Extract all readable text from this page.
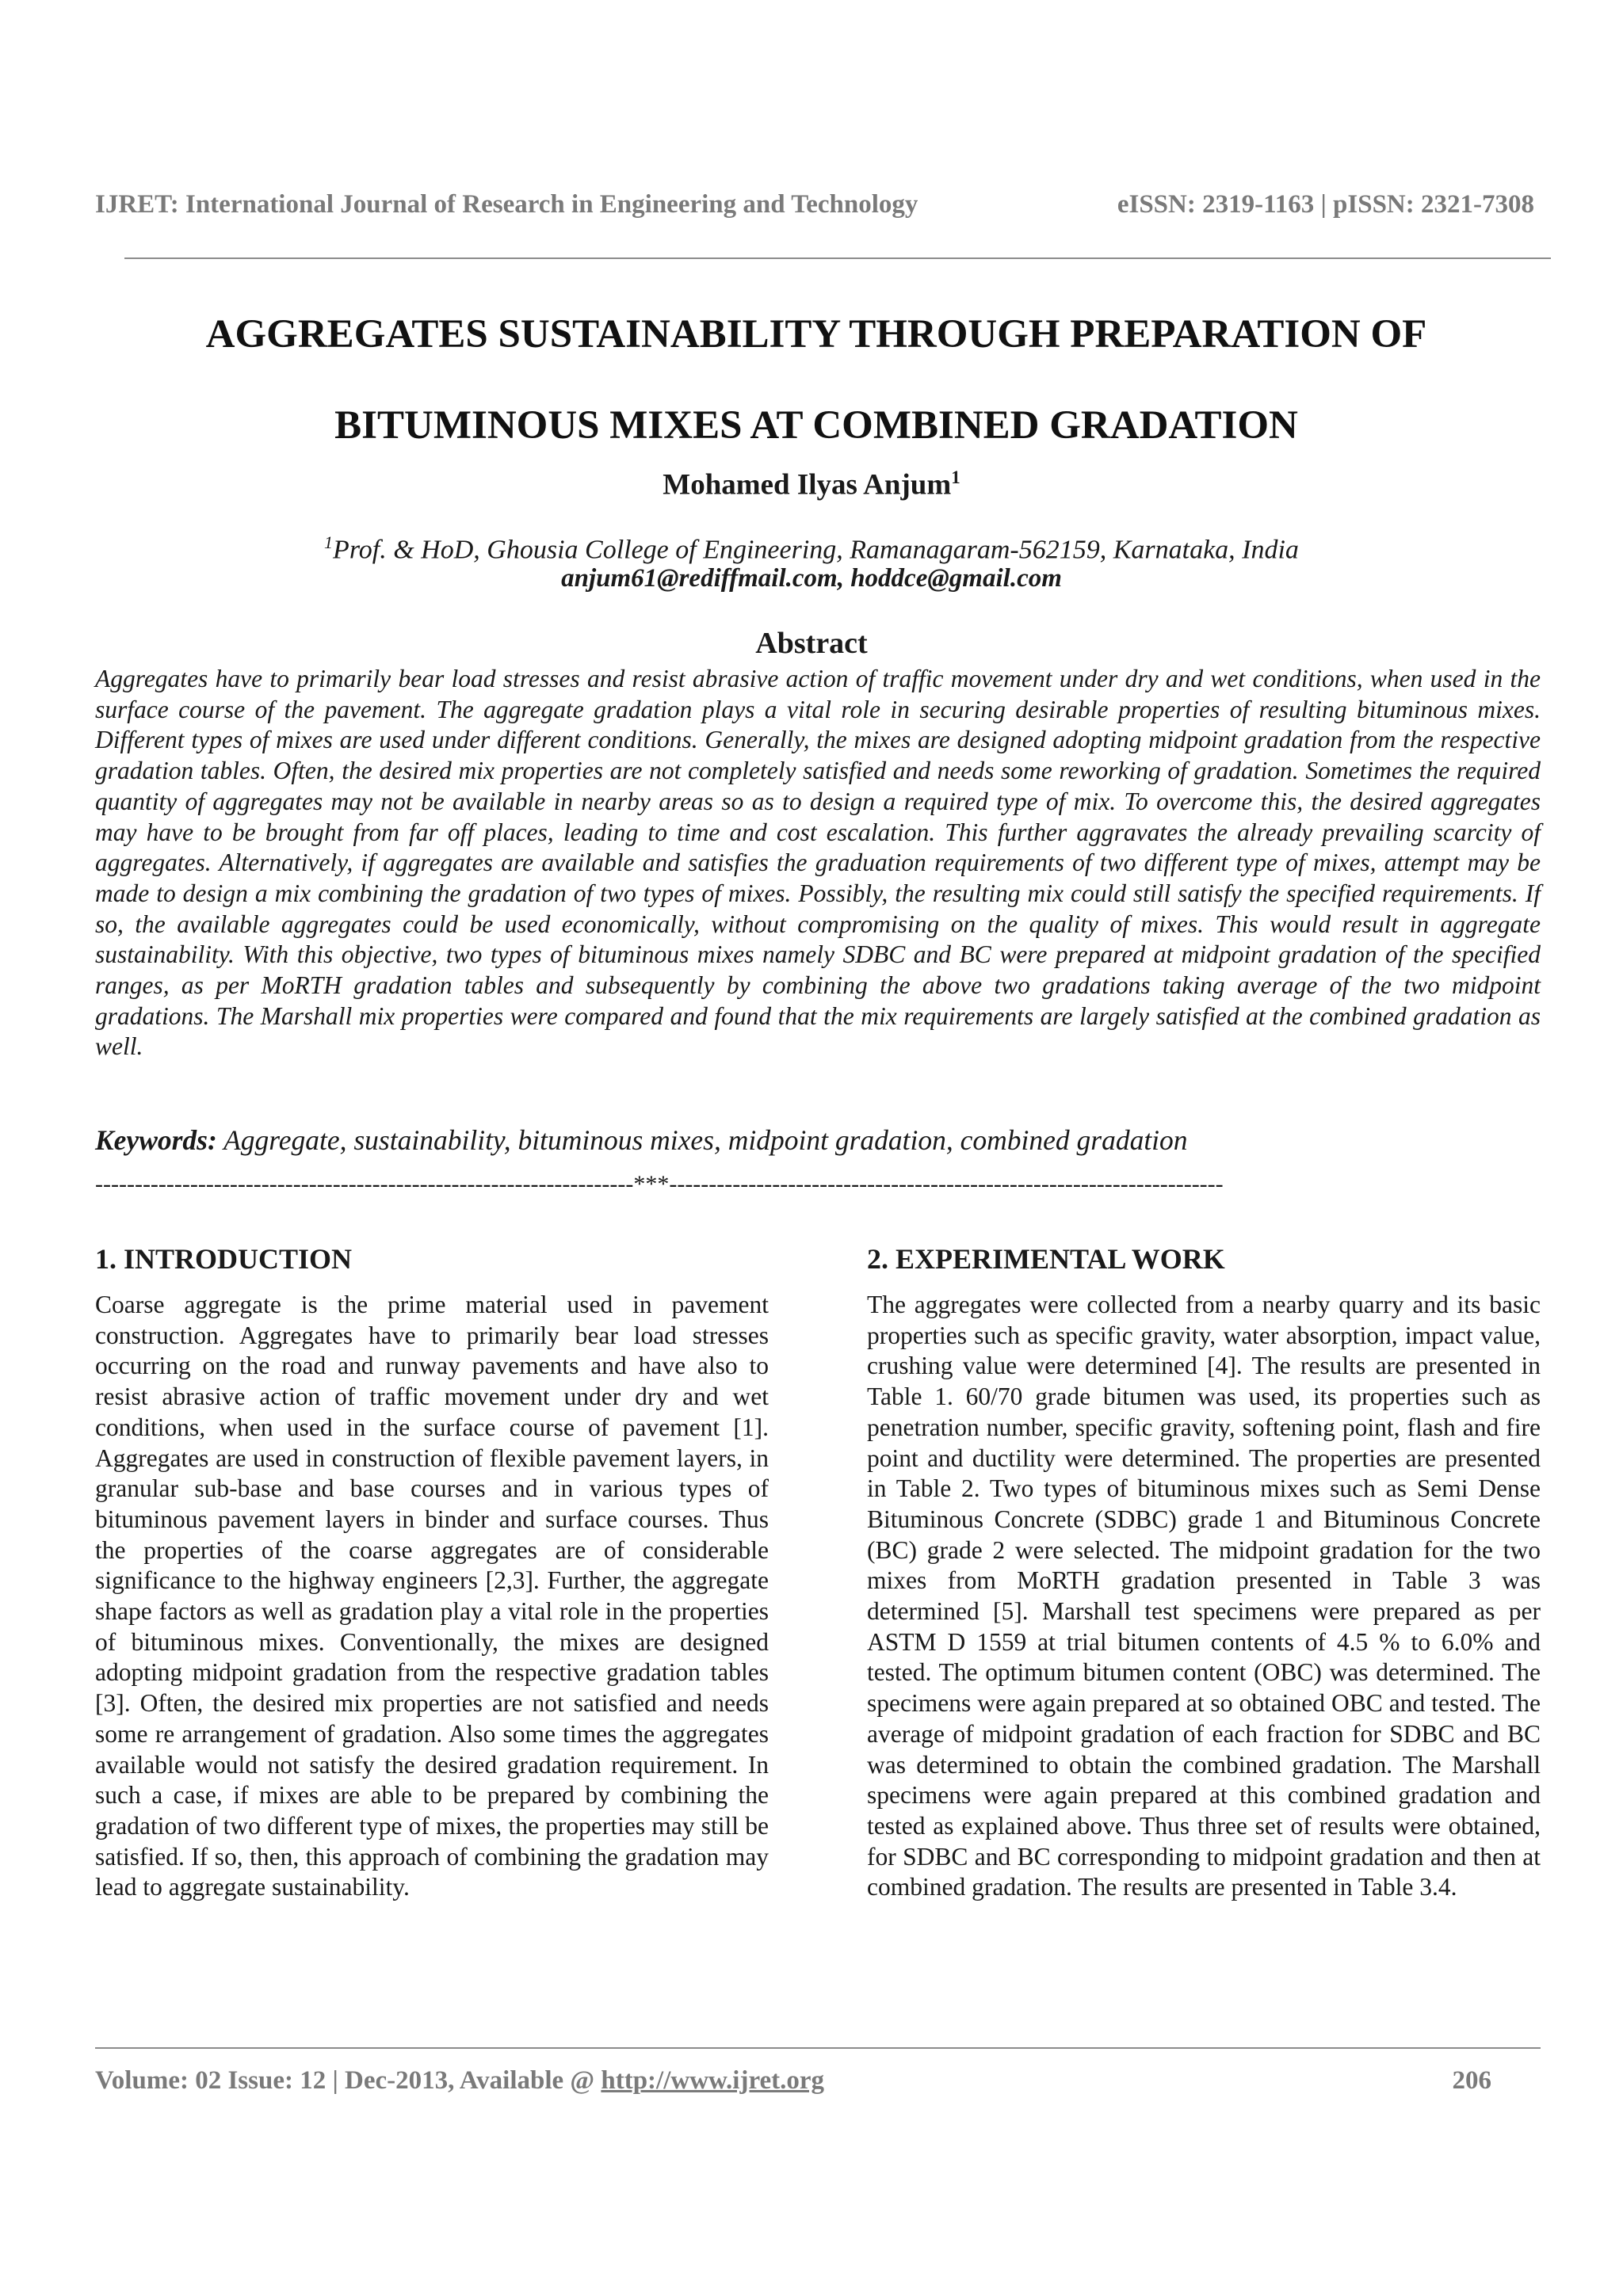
IJRET: International Journal of Research in Engineering and Technology	eISSN: 2319-1163 | pISSN: 2321-7308
AGGREGATES SUSTAINABILITY THROUGH PREPARATION OF BITUMINOUS MIXES AT COMBINED GRADATION
Mohamed Ilyas Anjum$^1$
$^1$Prof. & HoD, Ghousia College of Engineering, Ramanagaram-562159, Karnataka, India
anjum61@rediffmail.com, hoddce@gmail.com
Abstract

Aggregates have to primarily bear load stresses and resist abrasive action of traffic movement under dry and wet conditions, when used in the surface course of the pavement. The aggregate gradation plays a vital role in securing desirable properties of resulting bituminous mixes. Different types of mixes are used under different conditions. Generally, the mixes are designed adopting midpoint gradation from the respective gradation tables. Often, the desired mix properties are not completely satisfied and needs some reworking of gradation. Sometimes the required quantity of aggregates may not be available in nearby areas so as to design a required type of mix. To overcome this, the desired aggregates may have to be brought from far off places, leading to time and cost escalation. This further aggravates the already prevailing scarcity of aggregates. Alternatively, if aggregates are available and satisfies the graduation requirements of two different type of mixes, attempt may be made to design a mix combining the gradation of two types of mixes. Possibly, the resulting mix could still satisfy the specified requirements. If so, the available aggregates could be used economically, without compromising on the quality of mixes. This would result in aggregate sustainability. With this objective, two types of bituminous mixes namely SDBC and BC were prepared at midpoint gradation of the specified ranges, as per MoRTH gradation tables and subsequently by combining the above two gradations taking average of the two midpoint gradations. The Marshall mix properties were compared and found that the mix requirements are largely satisfied at the combined gradation as well.

Keywords: Aggregate, sustainability, bituminous mixes, midpoint gradation, combined gradation
--------------------------------------------------------------------***----------------------------------------------------------------------
1. INTRODUCTION

Coarse aggregate is the prime material used in pavement construction. Aggregates have to primarily bear load stresses occurring on the road and runway pavements and have also to resist abrasive action of traffic movement under dry and wet conditions, when used in the surface course of pavement [1]. Aggregates are used in construction of flexible pavement layers, in granular sub-base and base courses and in various types of bituminous pavement layers in binder and surface courses. Thus the properties of the coarse aggregates are of considerable significance to the highway engineers [2,3]. Further, the aggregate shape factors as well as gradation play a vital role in the properties of bituminous mixes. Conventionally, the mixes are designed adopting midpoint gradation from the respective gradation tables [3]. Often, the desired mix properties are not satisfied and needs some re arrangement of gradation. Also some times the aggregates available would not satisfy the desired gradation requirement. In such a case, if mixes are able to be prepared by combining the gradation of two different type of mixes, the properties may still be satisfied. If so, then, this approach of combining the gradation may lead to aggregate sustainability.

2. EXPERIMENTAL WORK

The aggregates were collected from a nearby quarry and its basic properties such as specific gravity, water absorption, impact value, crushing value were determined [4]. The results are presented in Table 1. 60/70 grade bitumen was used, its properties such as penetration number, specific gravity, softening point, flash and fire point and ductility were determined. The properties are presented in Table 2. Two types of bituminous mixes such as Semi Dense Bituminous Concrete (SDBC) grade 1 and Bituminous Concrete (BC) grade 2 were selected. The midpoint gradation for the two mixes from MoRTH gradation presented in Table 3 was determined [5]. Marshall test specimens were prepared as per ASTM D 1559 at trial bitumen contents of 4.5 % to 6.0% and tested. The optimum bitumen content (OBC) was determined. The specimens were again prepared at so obtained OBC and tested. The average of midpoint gradation of each fraction for SDBC and BC was determined to obtain the combined gradation. The Marshall specimens were again prepared at this combined gradation and tested as explained above. Thus three set of results were obtained, for SDBC and BC corresponding to midpoint gradation and then at combined gradation. The results are presented in Table 3.4.

Volume: 02 Issue: 12 | Dec-2013, Available @ http://www.ijret.org	206
